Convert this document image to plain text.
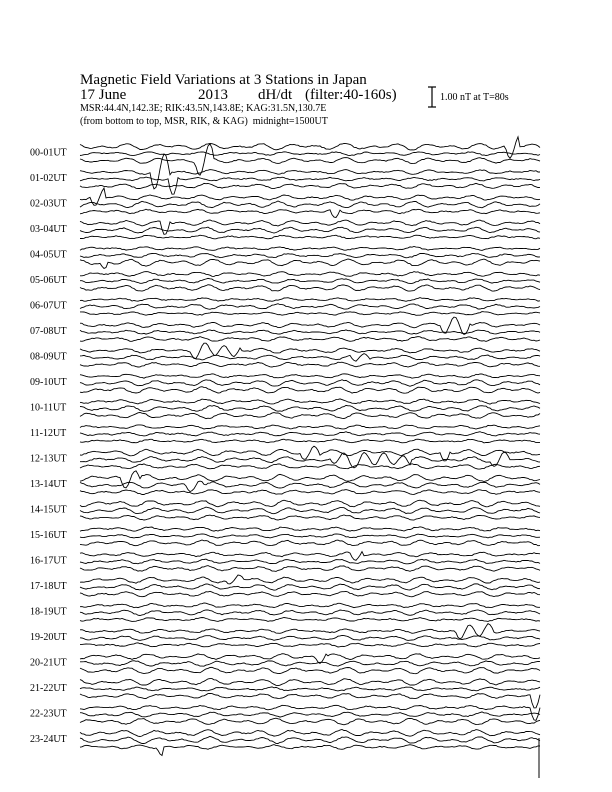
Magnetic Field Variations at 3 Stations in Japan
17 June	2013 dH/dt (filter:40-160s)
MSR:44.4N,142.3E; RIK:43.5N,143.8E; KAG:31.5N,130.7E
(from bottom to top, MSR, RIK, & KAG) midnight=1500UT
1.00 nT at T=80s
00-01UT
01-02UT
02-03UT
03-04UT
04-05UT
05-06UT
06-07UT
07-08UT
08-09UT
09-10UT
10-11UT
11-12UT
12-13UT
13-14UT
14-15UT
15-16UT
16-17UT
17-18UT
18-19UT
19-20UT
20-21UT
21-22UT
22-23UT
23-24UT
